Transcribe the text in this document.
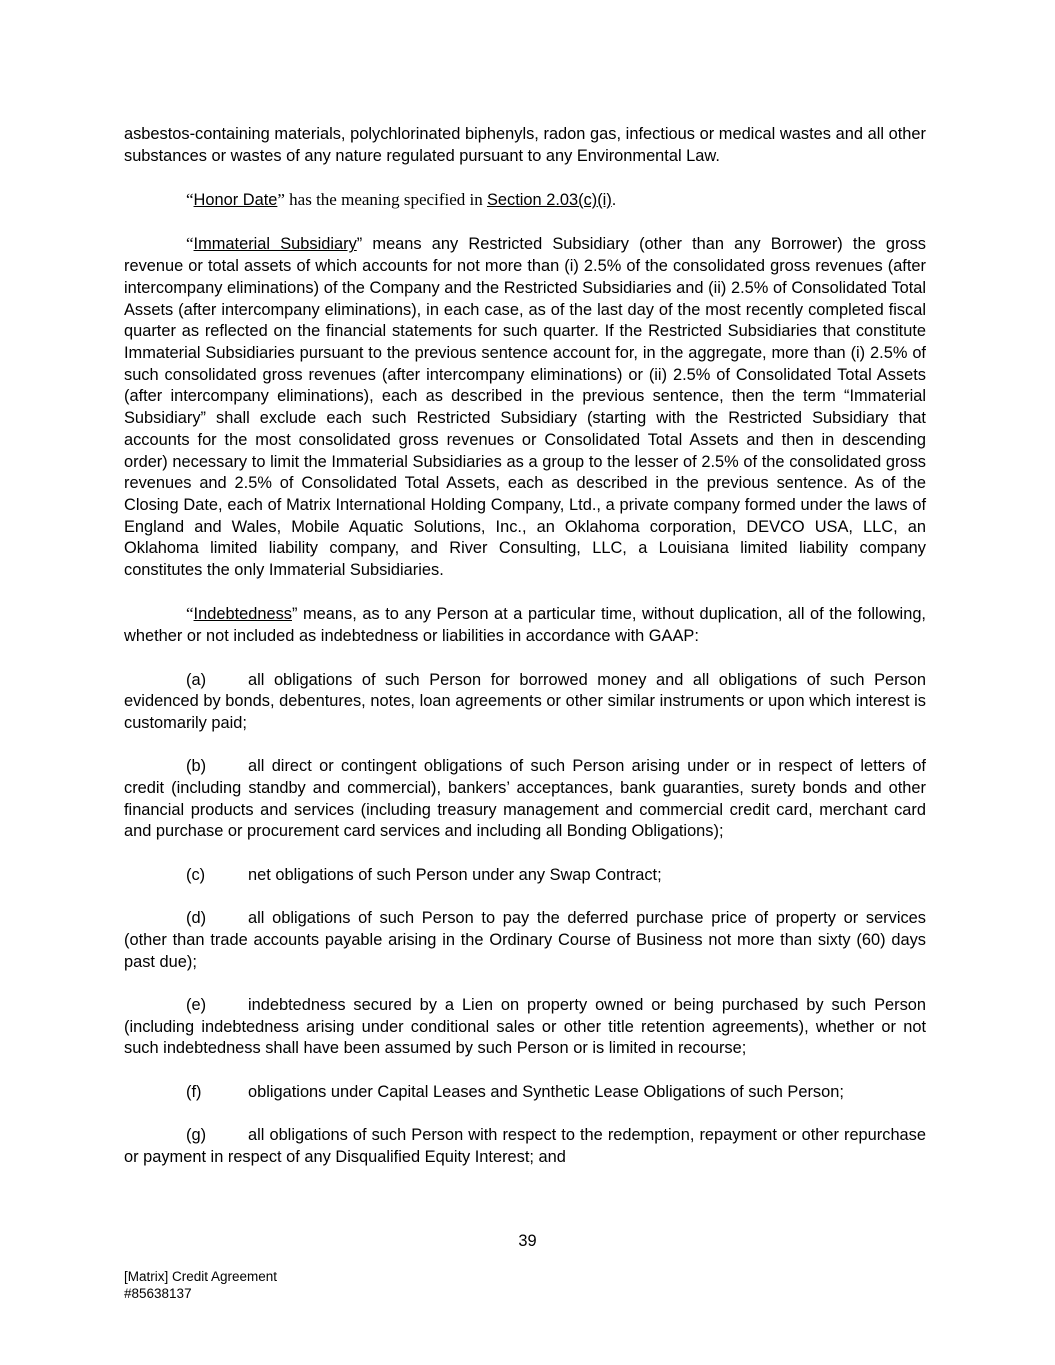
asbestos-containing materials, polychlorinated biphenyls, radon gas, infectious or medical wastes and all other substances or wastes of any nature regulated pursuant to any Environmental Law.

“Honor Date” has the meaning specified in Section 2.03(c)(i).

“Immaterial Subsidiary” means any Restricted Subsidiary (other than any Borrower) the gross revenue or total assets of which accounts for not more than (i) 2.5% of the consolidated gross revenues (after intercompany eliminations) of the Company and the Restricted Subsidiaries and (ii) 2.5% of Consolidated Total Assets (after intercompany eliminations), in each case, as of the last day of the most recently completed fiscal quarter as reflected on the financial statements for such quarter. If the Restricted Subsidiaries that constitute Immaterial Subsidiaries pursuant to the previous sentence account for, in the aggregate, more than (i) 2.5% of such consolidated gross revenues (after intercompany eliminations) or (ii) 2.5% of Consolidated Total Assets (after intercompany eliminations), each as described in the previous sentence, then the term “Immaterial Subsidiary” shall exclude each such Restricted Subsidiary (starting with the Restricted Subsidiary that accounts for the most consolidated gross revenues or Consolidated Total Assets and then in descending order) necessary to limit the Immaterial Subsidiaries as a group to the lesser of 2.5% of the consolidated gross revenues and 2.5% of Consolidated Total Assets, each as described in the previous sentence. As of the Closing Date, each of Matrix International Holding Company, Ltd., a private company formed under the laws of England and Wales, Mobile Aquatic Solutions, Inc., an Oklahoma corporation, DEVCO USA, LLC, an Oklahoma limited liability company, and River Consulting, LLC, a Louisiana limited liability company constitutes the only Immaterial Subsidiaries.

“Indebtedness” means, as to any Person at a particular time, without duplication, all of the following, whether or not included as indebtedness or liabilities in accordance with GAAP:

(a)	all obligations of such Person for borrowed money and all obligations of such Person evidenced by bonds, debentures, notes, loan agreements or other similar instruments or upon which interest is customarily paid;

(b)	all direct or contingent obligations of such Person arising under or in respect of letters of credit (including standby and commercial), bankers’ acceptances, bank guaranties, surety bonds and other financial products and services (including treasury management and commercial credit card, merchant card and purchase or procurement card services and including all Bonding Obligations);

(c)	net obligations of such Person under any Swap Contract;

(d)	all obligations of such Person to pay the deferred purchase price of property or services (other than trade accounts payable arising in the Ordinary Course of Business not more than sixty (60) days past due);

(e)	indebtedness secured by a Lien on property owned or being purchased by such Person (including indebtedness arising under conditional sales or other title retention agreements), whether or not such indebtedness shall have been assumed by such Person or is limited in recourse;

(f)	obligations under Capital Leases and Synthetic Lease Obligations of such Person;

(g)	all obligations of such Person with respect to the redemption, repayment or other repurchase or payment in respect of any Disqualified Equity Interest; and

39
[Matrix] Credit Agreement
#85638137
